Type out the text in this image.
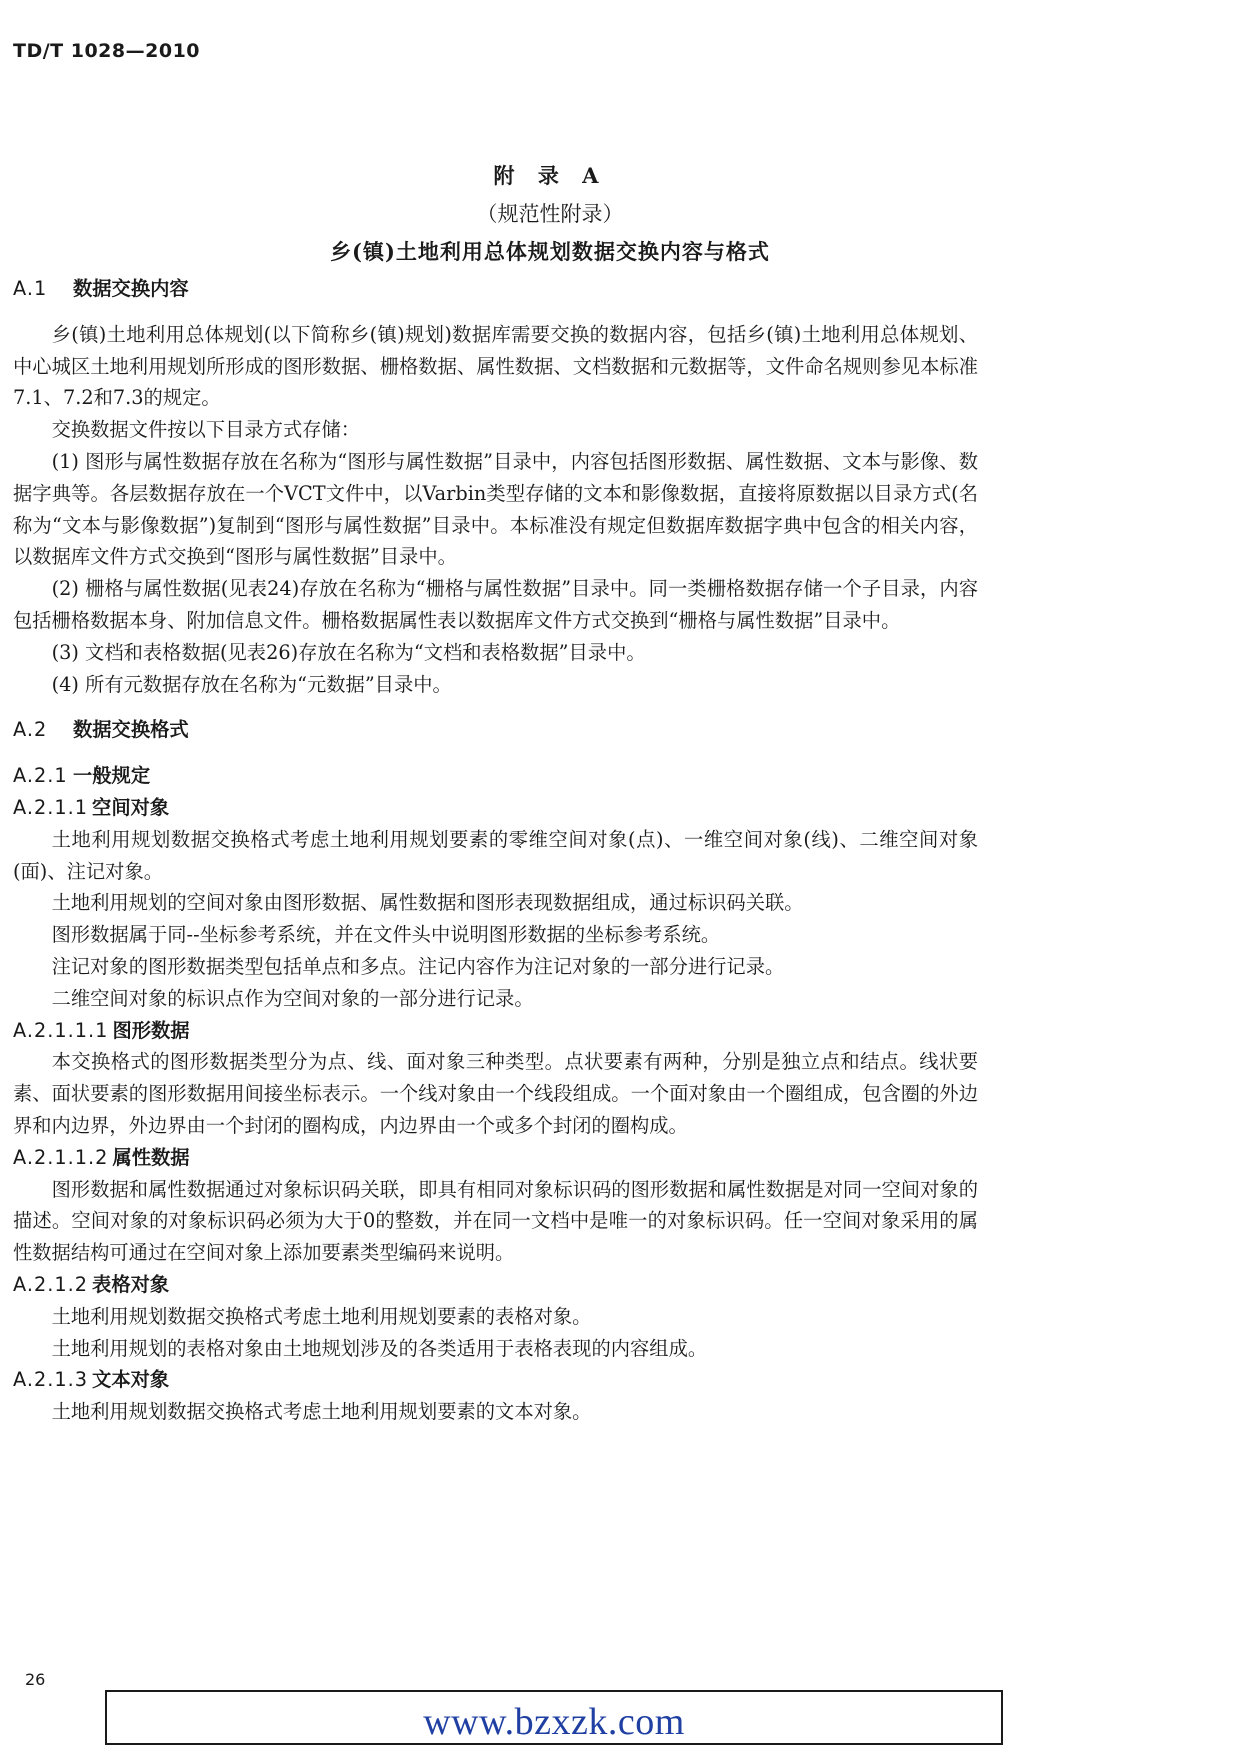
TD/T 1028—2010
附 录 A
（规范性附录）
乡(镇)土地利用总体规划数据交换内容与格式
A.1 数据交换内容

乡(镇)土地利用总体规划(以下简称乡(镇)规划)数据库需要交换的数据内容，包括乡(镇)土地利用总体规划、中心城区土地利用规划所形成的图形数据、栅格数据、属性数据、文档数据和元数据等，文件命名规则参见本标准7.1、7.2和7.3的规定。

交换数据文件按以下目录方式存储：

(1) 图形与属性数据存放在名称为“图形与属性数据”目录中，内容包括图形数据、属性数据、文本与影像、数据字典等。各层数据存放在一个VCT文件中，以Varbin类型存储的文本和影像数据，直接将原数据以目录方式(名称为“文本与影像数据”)复制到“图形与属性数据”目录中。本标准没有规定但数据库数据字典中包含的相关内容，以数据库文件方式交换到“图形与属性数据”目录中。

(2) 栅格与属性数据(见表24)存放在名称为“栅格与属性数据”目录中。同一类栅格数据存储一个子目录，内容包括栅格数据本身、附加信息文件。栅格数据属性表以数据库文件方式交换到“栅格与属性数据”目录中。

(3) 文档和表格数据(见表26)存放在名称为“文档和表格数据”目录中。

(4) 所有元数据存放在名称为“元数据”目录中。

A.2 数据交换格式
A.2.1 一般规定
A.2.1.1 空间对象

土地利用规划数据交换格式考虑土地利用规划要素的零维空间对象(点)、一维空间对象(线)、二维空间对象(面)、注记对象。

土地利用规划的空间对象由图形数据、属性数据和图形表现数据组成，通过标识码关联。

图形数据属于同--坐标参考系统，并在文件头中说明图形数据的坐标参考系统。

注记对象的图形数据类型包括单点和多点。注记内容作为注记对象的一部分进行记录。

二维空间对象的标识点作为空间对象的一部分进行记录。

A.2.1.1.1 图形数据

本交换格式的图形数据类型分为点、线、面对象三种类型。点状要素有两种，分别是独立点和结点。线状要素、面状要素的图形数据用间接坐标表示。一个线对象由一个线段组成。一个面对象由一个圈组成，包含圈的外边界和内边界，外边界由一个封闭的圈构成，内边界由一个或多个封闭的圈构成。

A.2.1.1.2 属性数据

图形数据和属性数据通过对象标识码关联，即具有相同对象标识码的图形数据和属性数据是对同一空间对象的描述。空间对象的对象标识码必须为大于0的整数，并在同一文档中是唯一的对象标识码。任一空间对象采用的属性数据结构可通过在空间对象上添加要素类型编码来说明。

A.2.1.2 表格对象

土地利用规划数据交换格式考虑土地利用规划要素的表格对象。

土地利用规划的表格对象由土地规划涉及的各类适用于表格表现的内容组成。

A.2.1.3 文本对象

土地利用规划数据交换格式考虑土地利用规划要素的文本对象。

26
www.bzxzk.com
